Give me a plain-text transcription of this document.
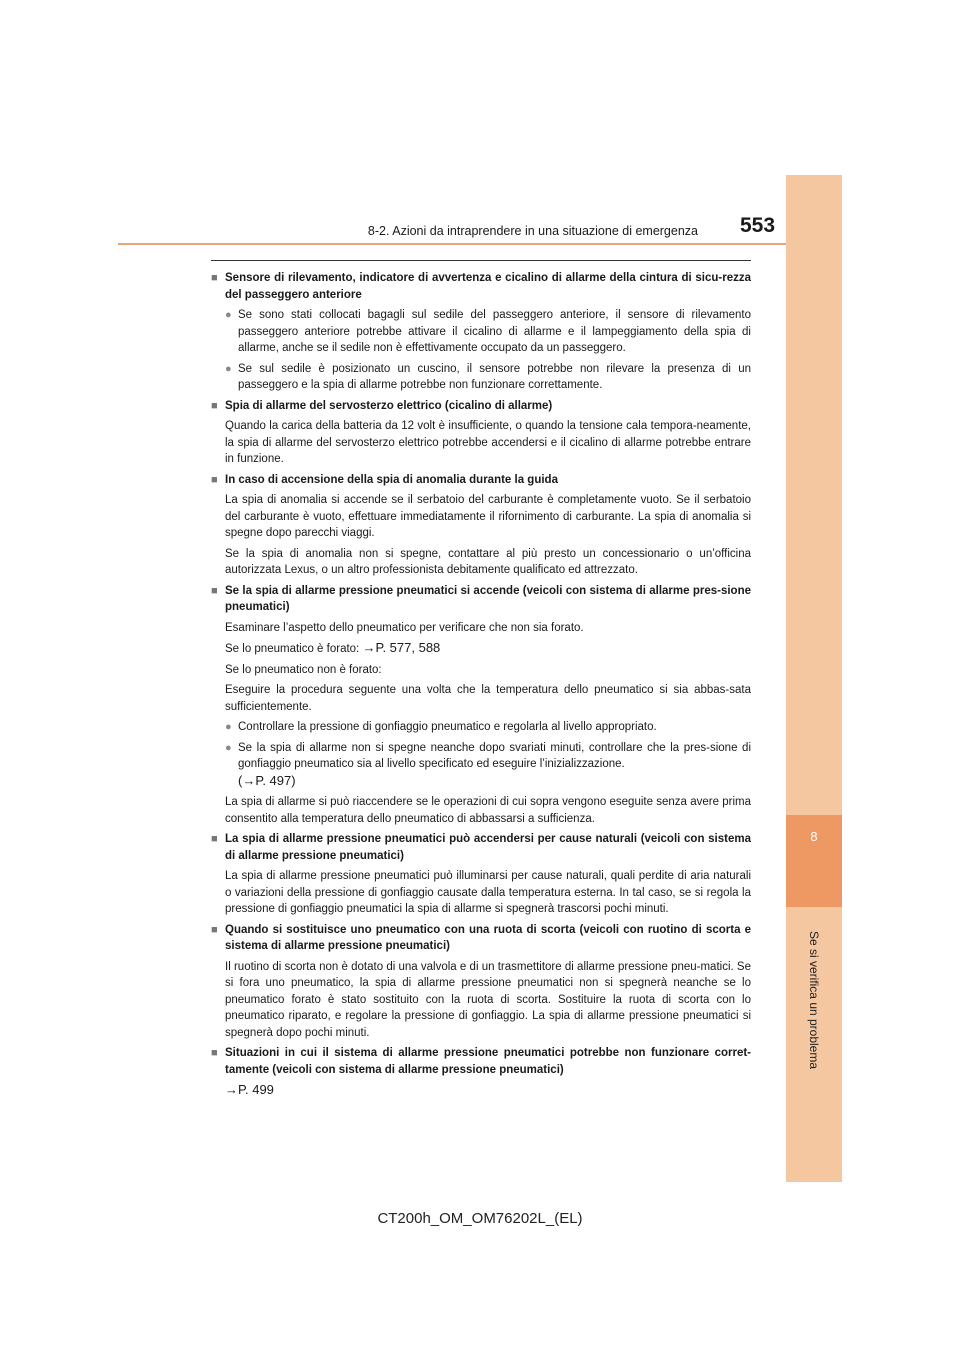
8
Se si verifica un problema
8-2. Azioni da intraprendere in una situazione di emergenza 553
■ Sensore di rilevamento, indicatore di avvertenza e cicalino di allarme della cintura di sicu-rezza del passeggero anteriore
● Se sono stati collocati bagagli sul sedile del passeggero anteriore, il sensore di rilevamento passeggero anteriore potrebbe attivare il cicalino di allarme e il lampeggiamento della spia di allarme, anche se il sedile non è effettivamente occupato da un passeggero.
● Se sul sedile è posizionato un cuscino, il sensore potrebbe non rilevare la presenza di un passeggero e la spia di allarme potrebbe non funzionare correttamente.
■ Spia di allarme del servosterzo elettrico (cicalino di allarme)
Quando la carica della batteria da 12 volt è insufficiente, o quando la tensione cala tempora-neamente, la spia di allarme del servosterzo elettrico potrebbe accendersi e il cicalino di allarme potrebbe entrare in funzione.
■ In caso di accensione della spia di anomalia durante la guida
La spia di anomalia si accende se il serbatoio del carburante è completamente vuoto. Se il serbatoio del carburante è vuoto, effettuare immediatamente il rifornimento di carburante. La spia di anomalia si spegne dopo parecchi viaggi.
Se la spia di anomalia non si spegne, contattare al più presto un concessionario o un’officina autorizzata Lexus, o un altro professionista debitamente qualificato ed attrezzato.
■ Se la spia di allarme pressione pneumatici si accende (veicoli con sistema di allarme pres-sione pneumatici)
Esaminare l’aspetto dello pneumatico per verificare che non sia forato.
Se lo pneumatico è forato: →P. 577, 588
Se lo pneumatico non è forato:
Eseguire la procedura seguente una volta che la temperatura dello pneumatico si sia abbas-sata sufficientemente.
● Controllare la pressione di gonfiaggio pneumatico e regolarla al livello appropriato.
● Se la spia di allarme non si spegne neanche dopo svariati minuti, controllare che la pres-sione di gonfiaggio pneumatico sia al livello specificato ed eseguire l’inizializzazione.
(→P. 497)
La spia di allarme si può riaccendere se le operazioni di cui sopra vengono eseguite senza avere prima consentito alla temperatura dello pneumatico di abbassarsi a sufficienza.
■ La spia di allarme pressione pneumatici può accendersi per cause naturali (veicoli con sistema di allarme pressione pneumatici)
La spia di allarme pressione pneumatici può illuminarsi per cause naturali, quali perdite di aria naturali o variazioni della pressione di gonfiaggio causate dalla temperatura esterna. In tal caso, se si regola la pressione di gonfiaggio pneumatici la spia di allarme si spegnerà trascorsi pochi minuti.
■ Quando si sostituisce uno pneumatico con una ruota di scorta (veicoli con ruotino di scorta e sistema di allarme pressione pneumatici)
Il ruotino di scorta non è dotato di una valvola e di un trasmettitore di allarme pressione pneu-matici. Se si fora uno pneumatico, la spia di allarme pressione pneumatici non si spegnerà neanche se lo pneumatico forato è stato sostituito con la ruota di scorta. Sostituire la ruota di scorta con lo pneumatico riparato, e regolare la pressione di gonfiaggio. La spia di allarme pressione pneumatici si spegnerà dopo pochi minuti.
■ Situazioni in cui il sistema di allarme pressione pneumatici potrebbe non funzionare corret-tamente (veicoli con sistema di allarme pressione pneumatici)
→P. 499
CT200h_OM_OM76202L_(EL)
